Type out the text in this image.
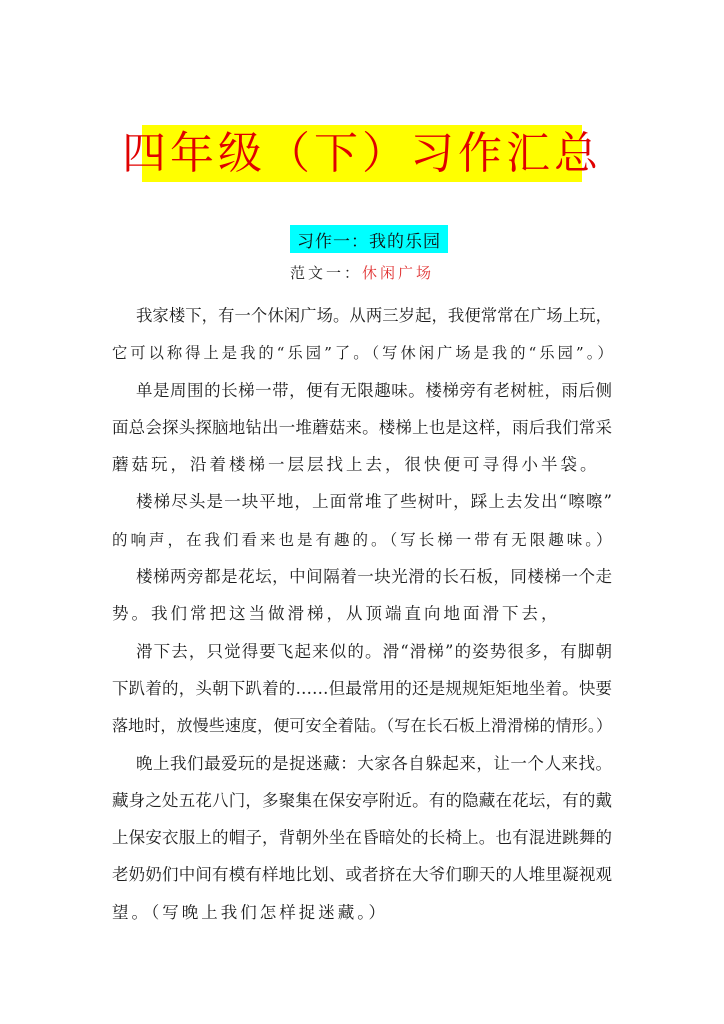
四年级（下）习作汇总
习作一：我的乐园
范文一：休闲广场
我家楼下，有一个休闲广场。从两三岁起，我便常常在广场上玩，
它可以称得上是我的“乐园”了。（写休闲广场是我的“乐园”。）
单是周围的长梯一带，便有无限趣味。楼梯旁有老树桩，雨后侧
面总会探头探脑地钻出一堆蘑菇来。楼梯上也是这样，雨后我们常采
蘑菇玩，沿着楼梯一层层找上去，很快便可寻得小半袋。
楼梯尽头是一块平地，上面常堆了些树叶，踩上去发出“嚓嚓”
的响声，在我们看来也是有趣的。（写长梯一带有无限趣味。）
楼梯两旁都是花坛，中间隔着一块光滑的长石板，同楼梯一个走
势。我们常把这当做滑梯，从顶端直向地面滑下去，
滑下去，只觉得要飞起来似的。滑“滑梯”的姿势很多，有脚朝
下趴着的，头朝下趴着的……但最常用的还是规规矩矩地坐着。快要
落地时，放慢些速度，便可安全着陆。（写在长石板上滑滑梯的情形。）
晚上我们最爱玩的是捉迷藏：大家各自躲起来，让一个人来找。
藏身之处五花八门，多聚集在保安亭附近。有的隐藏在花坛，有的戴
上保安衣服上的帽子，背朝外坐在昏暗处的长椅上。也有混进跳舞的
老奶奶们中间有模有样地比划、或者挤在大爷们聊天的人堆里凝视观
望。（写晚上我们怎样捉迷藏。）
